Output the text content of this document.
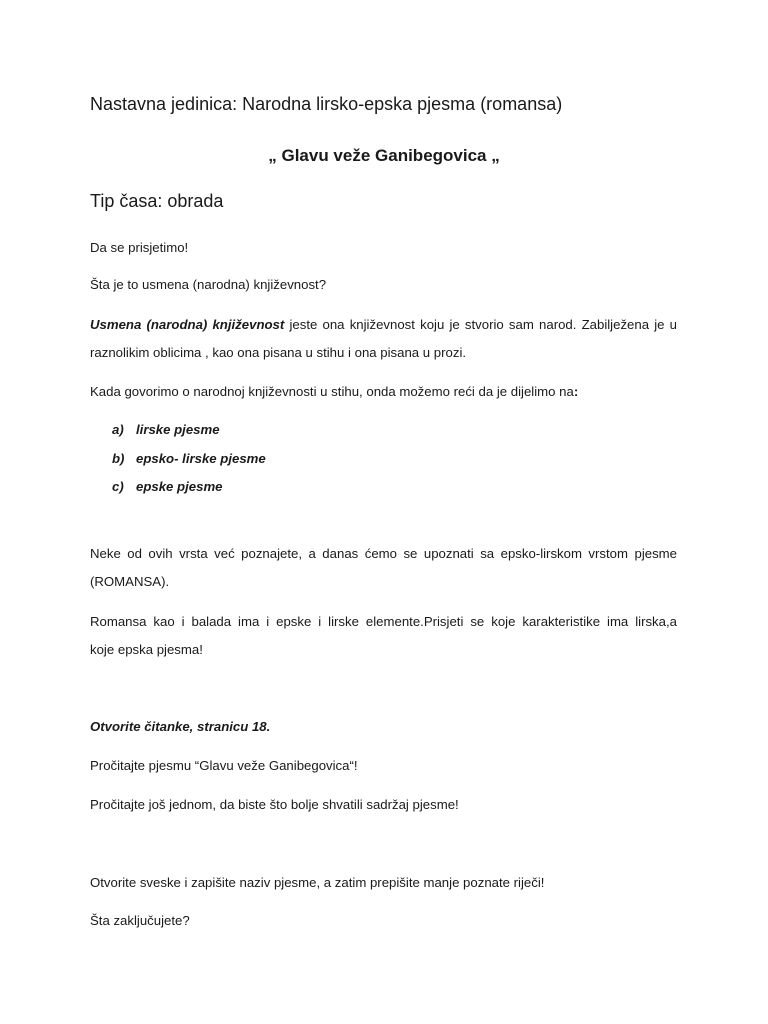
Nastavna jedinica: Narodna lirsko-epska pjesma (romansa)

„ Glavu veže Ganibegovica „

Tip časa: obrada

Da se prisjetimo!

Šta je to usmena (narodna) književnost?

Usmena (narodna) književnost jeste ona književnost koju je stvorio sam narod. Zabilježena je u

raznolikim oblicima , kao ona pisana u stihu i ona pisana u prozi.

Kada govorimo o narodnoj književnosti u stihu, onda možemo reći da je dijelimo na:

a) lirske pjesme
b) epsko- lirske pjesme
c) epske pjesme

Neke od ovih vrsta već poznajete, a danas ćemo se upoznati sa epsko-lirskom vrstom pjesme

(ROMANSA).

Romansa kao i balada ima i epske i lirske elemente.Prisjeti se koje karakteristike ima lirska,a

koje epska pjesma!

Otvorite čitanke, stranicu 18.

Pročitajte pjesmu “Glavu veže Ganibegovica“!

Pročitajte još jednom, da biste što bolje shvatili sadržaj pjesme!

Otvorite sveske i zapišite naziv pjesme, a zatim prepišite manje poznate riječi!

Šta zaključujete?
